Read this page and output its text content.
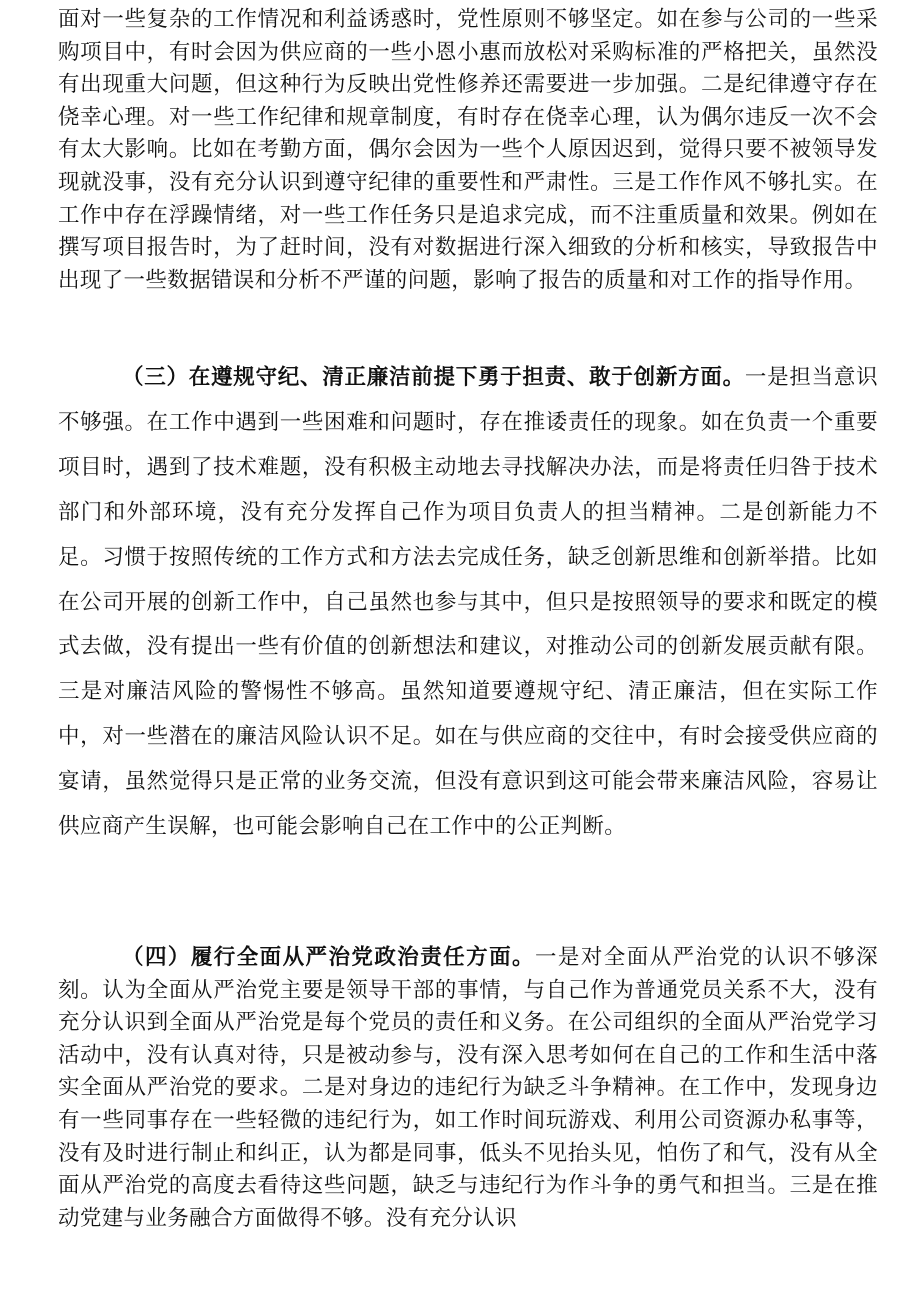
面对一些复杂的工作情况和利益诱惑时，党性原则不够坚定。如在参与公司的一些采购项目中，有时会因为供应商的一些小恩小惠而放松对采购标准的严格把关，虽然没有出现重大问题，但这种行为反映出党性修养还需要进一步加强。二是纪律遵守存在侥幸心理。对一些工作纪律和规章制度，有时存在侥幸心理，认为偶尔违反一次不会有太大影响。比如在考勤方面，偶尔会因为一些个人原因迟到，觉得只要不被领导发现就没事，没有充分认识到遵守纪律的重要性和严肃性。三是工作作风不够扎实。在工作中存在浮躁情绪，对一些工作任务只是追求完成，而不注重质量和效果。例如在撰写项目报告时，为了赶时间，没有对数据进行深入细致的分析和核实，导致报告中出现了一些数据错误和分析不严谨的问题，影响了报告的质量和对工作的指导作用。

（三）在遵规守纪、清正廉洁前提下勇于担责、敢于创新方面。一是担当意识不够强。在工作中遇到一些困难和问题时，存在推诿责任的现象。如在负责一个重要项目时，遇到了技术难题，没有积极主动地去寻找解决办法，而是将责任归咎于技术部门和外部环境，没有充分发挥自己作为项目负责人的担当精神。二是创新能力不足。习惯于按照传统的工作方式和方法去完成任务，缺乏创新思维和创新举措。比如在公司开展的创新工作中，自己虽然也参与其中，但只是按照领导的要求和既定的模式去做，没有提出一些有价值的创新想法和建议，对推动公司的创新发展贡献有限。三是对廉洁风险的警惕性不够高。虽然知道要遵规守纪、清正廉洁，但在实际工作中，对一些潜在的廉洁风险认识不足。如在与供应商的交往中，有时会接受供应商的宴请，虽然觉得只是正常的业务交流，但没有意识到这可能会带来廉洁风险，容易让供应商产生误解，也可能会影响自己在工作中的公正判断。

（四）履行全面从严治党政治责任方面。一是对全面从严治党的认识不够深刻。认为全面从严治党主要是领导干部的事情，与自己作为普通党员关系不大，没有充分认识到全面从严治党是每个党员的责任和义务。在公司组织的全面从严治党学习活动中，没有认真对待，只是被动参与，没有深入思考如何在自己的工作和生活中落实全面从严治党的要求。二是对身边的违纪行为缺乏斗争精神。在工作中，发现身边有一些同事存在一些轻微的违纪行为，如工作时间玩游戏、利用公司资源办私事等，没有及时进行制止和纠正，认为都是同事，低头不见抬头见，怕伤了和气，没有从全面从严治党的高度去看待这些问题，缺乏与违纪行为作斗争的勇气和担当。三是在推动党建与业务融合方面做得不够。没有充分认识
